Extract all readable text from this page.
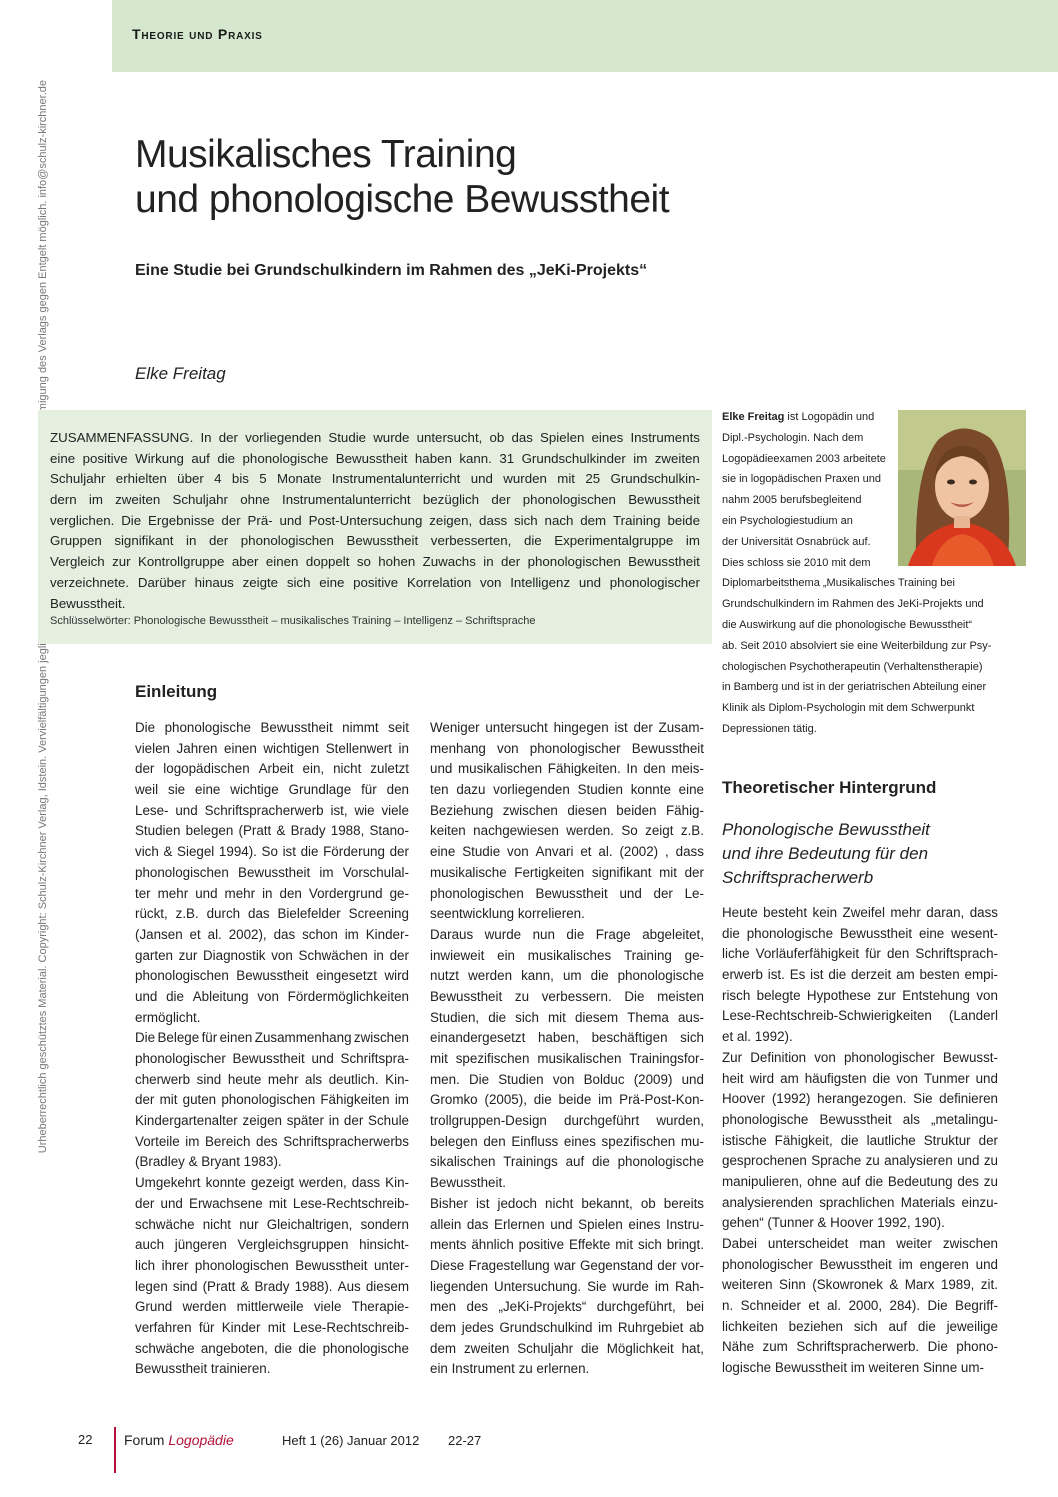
Theorie und Praxis
Musikalisches Training
und phonologische Bewusstheit
Eine Studie bei Grundschulkindern im Rahmen des „JeKi-Projekts“
Elke Freitag
ZUSAMMENFASSUNG. In der vorliegenden Studie wurde untersucht, ob das Spielen eines Instruments
eine positive Wirkung auf die phonologische Bewusstheit haben kann. 31 Grundschulkinder im zweiten
Schuljahr erhielten über 4 bis 5 Monate Instrumentalunterricht und wurden mit 25 Grundschulkin-
dern im zweiten Schuljahr ohne Instrumentalunterricht bezüglich der phonologischen Bewusstheit
verglichen. Die Ergebnisse der Prä- und Post-Untersuchung zeigen, dass sich nach dem Training beide
Gruppen signifikant in der phonologischen Bewusstheit verbesserten, die Experimentalgruppe im
Vergleich zur Kontrollgruppe aber einen doppelt so hohen Zuwachs in der phonologischen Bewusstheit
verzeichnete. Darüber hinaus zeigte sich eine positive Korrelation von Intelligenz und phonologischer
Bewusstheit.
Schlüsselwörter: Phonologische Bewusstheit – musikalisches Training – Intelligenz – Schriftsprache
Elke Freitag ist Logopädin und
Dipl.-Psychologin. Nach dem
Logopädieexamen 2003 arbeitete
sie in logopädischen Praxen und
nahm 2005 berufsbegleitend
ein Psychologiestudium an
der Universität Osnabrück auf.
Dies schloss sie 2010 mit dem
Diplomarbeitsthema „Musikalisches Training bei
Grundschulkindern im Rahmen des JeKi-Projekts und
die Auswirkung auf die phonologische Bewusstheit“
ab. Seit 2010 absolviert sie eine Weiterbildung zur Psy-
chologischen Psychotherapeutin (Verhaltenstherapie)
in Bamberg und ist in der geriatrischen Abteilung einer
Klinik als Diplom-Psychologin mit dem Schwerpunkt
Depressionen tätig.
Einleitung
Theoretischer Hintergrund
Phonologische Bewusstheit
und ihre Bedeutung für den
Schriftspracherwerb
Die phonologische Bewusstheit nimmt seit
vielen Jahren einen wichtigen Stellenwert in
der logopädischen Arbeit ein, nicht zuletzt
weil sie eine wichtige Grundlage für den
Lese- und Schriftspracherwerb ist, wie viele
Studien belegen (Pratt & Brady 1988, Stano-
vich & Siegel 1994). So ist die Förderung der
phonologischen Bewusstheit im Vorschulal-
ter mehr und mehr in den Vordergrund ge-
rückt, z.B. durch das Bielefelder Screening
(Jansen et al. 2002), das schon im Kinder-
garten zur Diagnostik von Schwächen in der
phonologischen Bewusstheit eingesetzt wird
und die Ableitung von Fördermöglichkeiten
ermöglicht.
Die Belege für einen Zusammenhang zwischen
phonologischer Bewusstheit und Schriftspra-
cherwerb sind heute mehr als deutlich. Kin-
der mit guten phonologischen Fähigkeiten im
Kindergartenalter zeigen später in der Schule
Vorteile im Bereich des Schriftspracherwerbs
(Bradley & Bryant 1983).
Umgekehrt konnte gezeigt werden, dass Kin-
der und Erwachsene mit Lese-Rechtschreib-
schwäche nicht nur Gleichaltrigen, sondern
auch jüngeren Vergleichsgruppen hinsicht-
lich ihrer phonologischen Bewusstheit unter-
legen sind (Pratt & Brady 1988). Aus diesem
Grund werden mittlerweile viele Therapie-
verfahren für Kinder mit Lese-Rechtschreib-
schwäche angeboten, die die phonologische
Bewusstheit trainieren.
Weniger untersucht hingegen ist der Zusam-
menhang von phonologischer Bewusstheit
und musikalischen Fähigkeiten. In den meis-
ten dazu vorliegenden Studien konnte eine
Beziehung zwischen diesen beiden Fähig-
keiten nachgewiesen werden. So zeigt z.B.
eine Studie von Anvari et al. (2002) , dass
musikalische Fertigkeiten signifikant mit der
phonologischen Bewusstheit und der Le-
seentwicklung korrelieren.
Daraus wurde nun die Frage abgeleitet,
inwieweit ein musikalisches Training ge-
nutzt werden kann, um die phonologische
Bewusstheit zu verbessern. Die meisten
Studien, die sich mit diesem Thema aus-
einandergesetzt haben, beschäftigen sich
mit spezifischen musikalischen Trainingsfor-
men. Die Studien von Bolduc (2009) und
Gromko (2005), die beide im Prä-Post-Kon-
trollgruppen-Design durchgeführt wurden,
belegen den Einfluss eines spezifischen mu-
sikalischen Trainings auf die phonologische
Bewusstheit.
Bisher ist jedoch nicht bekannt, ob bereits
allein das Erlernen und Spielen eines Instru-
ments ähnlich positive Effekte mit sich bringt.
Diese Fragestellung war Gegenstand der vor-
liegenden Untersuchung. Sie wurde im Rah-
men des „JeKi-Projekts“ durchgeführt, bei
dem jedes Grundschulkind im Ruhrgebiet ab
dem zweiten Schuljahr die Möglichkeit hat,
ein Instrument zu erlernen.
Heute besteht kein Zweifel mehr daran, dass
die phonologische Bewusstheit eine wesent-
liche Vorläuferfähigkeit für den Schriftsprach-
erwerb ist. Es ist die derzeit am besten empi-
risch belegte Hypothese zur Entstehung von
Lese-Rechtschreib-Schwierigkeiten (Landerl
et al. 1992).
Zur Definition von phonologischer Bewusst-
heit wird am häufigsten die von Tunmer und
Hoover (1992) herangezogen. Sie definieren
phonologische Bewusstheit als „metalingu-
istische Fähigkeit, die lautliche Struktur der
gesprochenen Sprache zu analysieren und zu
manipulieren, ohne auf die Bedeutung des zu
analysierenden sprachlichen Materials einzu-
gehen“ (Tunner & Hoover 1992, 190).
Dabei unterscheidet man weiter zwischen
phonologischer Bewusstheit im engeren und
weiteren Sinn (Skowronek & Marx 1989, zit.
n. Schneider et al. 2000, 284). Die Begriff-
lichkeiten beziehen sich auf die jeweilige
Nähe zum Schriftspracherwerb. Die phono-
logische Bewusstheit im weiteren Sinne um-
22 Forum Logopädie	Heft 1 (26) Januar 2012 22-27
